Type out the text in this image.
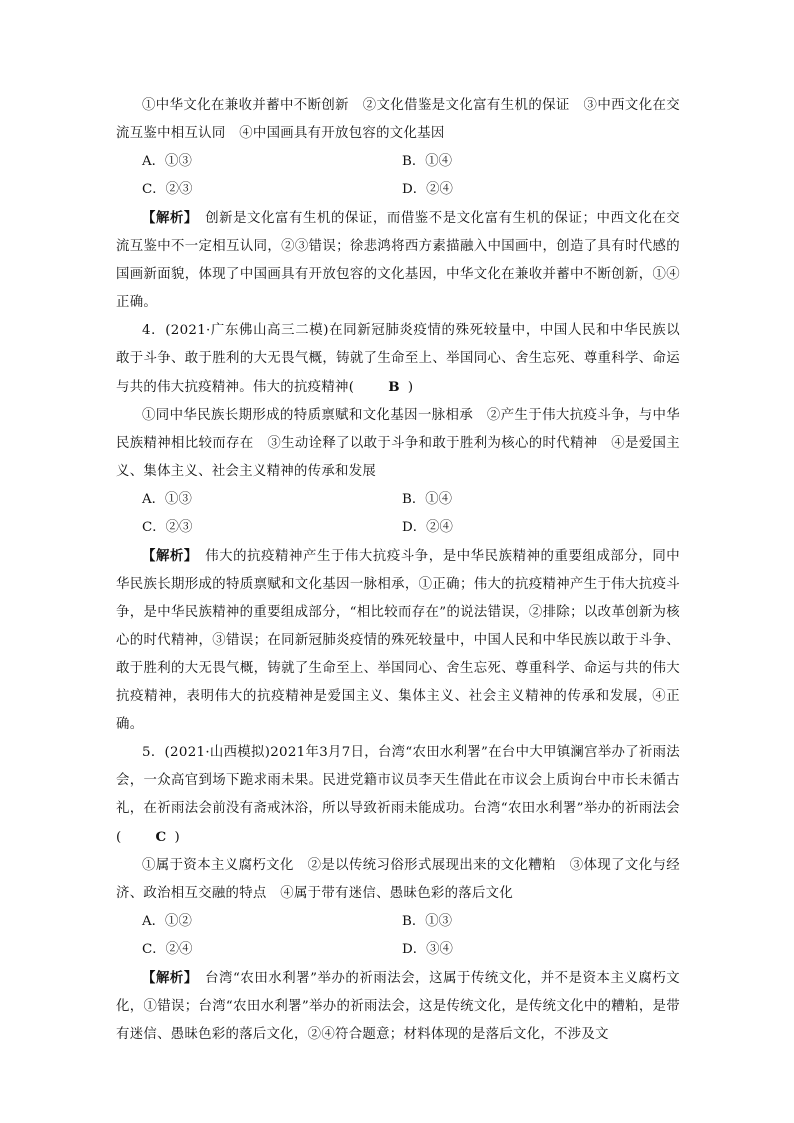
①中华文化在兼收并蓄中不断创新　②文化借鉴是文化富有生机的保证　③中西文化在交流互鉴中相互认同　④中国画具有开放包容的文化基因

A．①③	B．①④
C．②③	D．②④

【解析】　 创新是文化富有生机的保证，而借鉴不是文化富有生机的保证；中西文化在交流互鉴中不一定相互认同，②③错误；徐悲鸿将西方素描融入中国画中，创造了具有时代感的国画新面貌，体现了中国画具有开放包容的文化基因，中华文化在兼收并蓄中不断创新，①④正确。

4．(2021·广东佛山高三二模)在同新冠肺炎疫情的殊死较量中，中国人民和中华民族以敢于斗争、敢于胜利的大无畏气概，铸就了生命至上、举国同心、舍生忘死、尊重科学、命运与共的伟大抗疫精神。伟大的抗疫精神(	B )

①同中华民族长期形成的特质禀赋和文化基因一脉相承　②产生于伟大抗疫斗争，与中华民族精神相比较而存在　③生动诠释了以敢于斗争和敢于胜利为核心的时代精神　④是爱国主义、集体主义、社会主义精神的传承和发展

A．①③	B．①④
C．②③	D．②④

【解析】　 伟大的抗疫精神产生于伟大抗疫斗争，是中华民族精神的重要组成部分，同中华民族长期形成的特质禀赋和文化基因一脉相承，①正确；伟大的抗疫精神产生于伟大抗疫斗争，是中华民族精神的重要组成部分，“相比较而存在”的说法错误，②排除；以改革创新为核心的时代精神，③错误；在同新冠肺炎疫情的殊死较量中，中国人民和中华民族以敢于斗争、敢于胜利的大无畏气概，铸就了生命至上、举国同心、舍生忘死、尊重科学、命运与共的伟大抗疫精神，表明伟大的抗疫精神是爱国主义、集体主义、社会主义精神的传承和发展，④正确。

5．(2021·山西模拟)2021年3月7日，台湾“农田水利署”在台中大甲镇澜宫举办了祈雨法会，一众高官到场下跪求雨未果。民进党籍市议员李天生借此在市议会上质询台中市长未循古礼，在祈雨法会前没有斋戒沐浴，所以导致祈雨未能成功。台湾“农田水利署”举办的祈雨法会(	C )

①属于资本主义腐朽文化　②是以传统习俗形式展现出来的文化糟粕　③体现了文化与经济、政治相互交融的特点　④属于带有迷信、愚昧色彩的落后文化

A．①②	B．①③
C．②④	D．③④

【解析】　 台湾“农田水利署”举办的祈雨法会，这属于传统文化，并不是资本主义腐朽文化，①错误；台湾“农田水利署”举办的祈雨法会，这是传统文化，是传统文化中的糟粕，是带有迷信、愚昧色彩的落后文化，②④符合题意；材料体现的是落后文化，不涉及文
